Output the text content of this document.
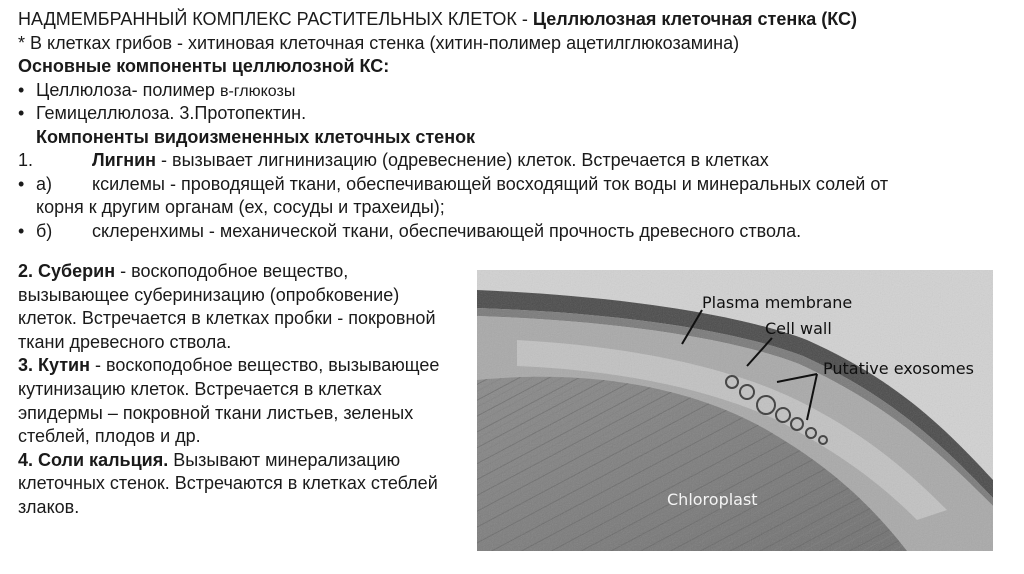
НАДМЕМБРАННЫЙ КОМПЛЕКС РАСТИТЕЛЬНЫХ КЛЕТОК - Целлюлозная клеточная стенка (КС)
* В клетках грибов - хитиновая клеточная стенка (хитин-полимер ацетилглюкозамина)
Основные компоненты целлюлозной КС:
• Целлюлоза- полимер в-глюкозы
• Гемицеллюлоза. 3.Протопектин.
Компоненты видоизмененных клеточных стенок
1.	Лигнин - вызывает лигнинизацию (одревеснение) клеток. Встречается в клетках
• а) ксилемы - проводящей ткани, обеспечивающей восходящий ток воды и минеральных солей от
корня к другим органам (ех, сосуды и трахеиды);
• б) склеренхимы - механической ткани, обеспечивающей прочность древесного ствола.

2. Суберин - воскоподобное вещество, вызывающее суберинизацию (опробковение) клеток. Встречается в клетках пробки - покровной ткани древесного ствола.

3. Кутин - воскоподобное вещество, вызывающее кутинизацию клеток. Встречается в клетках эпидермы – покровной ткани листьев, зеленых стеблей, плодов и др.

4. Соли кальция. Вызывают минерализацию клеточных стенок. Встречаются в клетках стеблей злаков.

Plasma membrane
Cell wall
Putative exosomes
Chloroplast
